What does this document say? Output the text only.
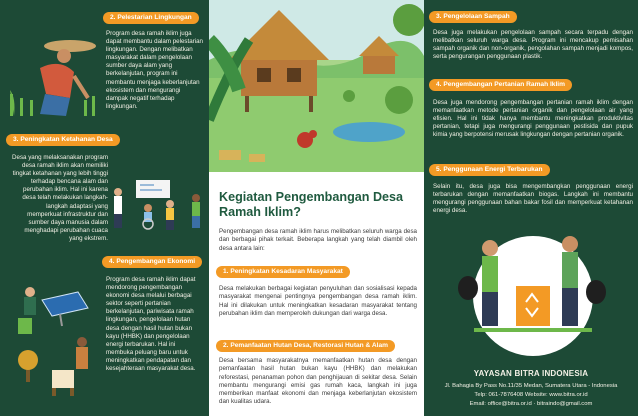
2. Pelestarian Lingkungan
Program desa ramah iklim juga dapat membantu dalam pelestarian lingkungan. Dengan melibatkan masyarakat dalam pengelolaan sumber daya alam yang berkelanjutan, program ini membantu menjaga keberlanjutan ekosistem dan mengurangi dampak negatif terhadap lingkungan.
3. Peningkatan Ketahanan Desa
Desa yang melaksanakan program desa ramah iklim akan memiliki tingkat ketahanan yang lebih tinggi terhadap bencana alam dan perubahan iklim. Hal ini karena desa telah melakukan langkah-langkah adaptasi yang memperkuat infrastruktur dan sumber daya manusia dalam menghadapi perubahan cuaca yang ekstrem.
4. Pengembangan Ekonomi
Program desa ramah iklim dapat mendorong pengembangan ekonomi desa melalui berbagai sektor seperti pertanian berkelanjutan, pariwisata ramah lingkungan, pengelolaan hutan desa dengan hasil hutan bukan kayu (HHBK) dan pengelolaan energi terbarukan. Hal ini membuka peluang baru untuk meningkatkan pendapatan dan kesejahteraan masyarakat desa.
Kegiatan Pengembangan Desa Ramah Iklim?
Pengembangan desa ramah iklim harus melibatkan seluruh warga desa dan berbagai pihak terkait. Beberapa langkah yang telah diambil oleh desa antara lain:
1. Peningkatan Kesadaran Masyarakat
Desa melakukan berbagai kegiatan penyuluhan dan sosialisasi kepada masyarakat mengenai pentingnya pengembangan desa ramah iklim. Hal ini dilakukan untuk meningkatkan kesadaran masyarakat tentang perubahan iklim dan memperoleh dukungan dari warga desa.
2. Pemanfaatan Hutan Desa, Restorasi Hutan & Alam
Desa bersama masyarakatnya memanfaatkan hutan desa dengan pemanfaatan hasil hutan bukan kayu (HHBK) dan melakukan reforestasi, penanaman pohon dan penghijauan di sekitar desa. Selain membantu mengurangi emisi gas rumah kaca, langkah ini juga memberikan manfaat ekonomi dan menjaga keberlanjutan ekosistem dan kualitas udara.
3. Pengelolaan Sampah
Desa juga melakukan pengelolaan sampah secara terpadu dengan melibatkan seluruh warga desa. Program ini mencakup pemisahan sampah organik dan non-organik, pengolahan sampah menjadi kompos, serta pengurangan penggunaan plastik.
4. Pengembangan Pertanian Ramah Iklim
Desa juga mendorong pengembangan pertanian ramah iklim dengan memanfaatkan metode pertanian organik dan pengelolaan air yang efisien. Hal ini tidak hanya membantu meningkatkan produktivitas pertanian, tetapi juga mengurangi penggunaan pestisida dan pupuk kimia yang berpotensi merusak lingkungan dengan pertanian organik.
5. Penggunaan Energi Terbarukan
Selain itu, desa juga bisa mengembangkan penggunaan energi terbarukan dengan memanfaatkan biogas. Langkah ini membantu mengurangi penggunaan bahan bakar fosil dan memperkuat ketahanan energi desa.
YAYASAN BITRA INDONESIA
Jl. Bahagia By Pass No.11/35 Medan, Sumatera Utara - Indonesia
Telp: 061-7876408 Website: www.bitra.or.id
Email: office@bitra.or.id · bitraindo@gmail.com
